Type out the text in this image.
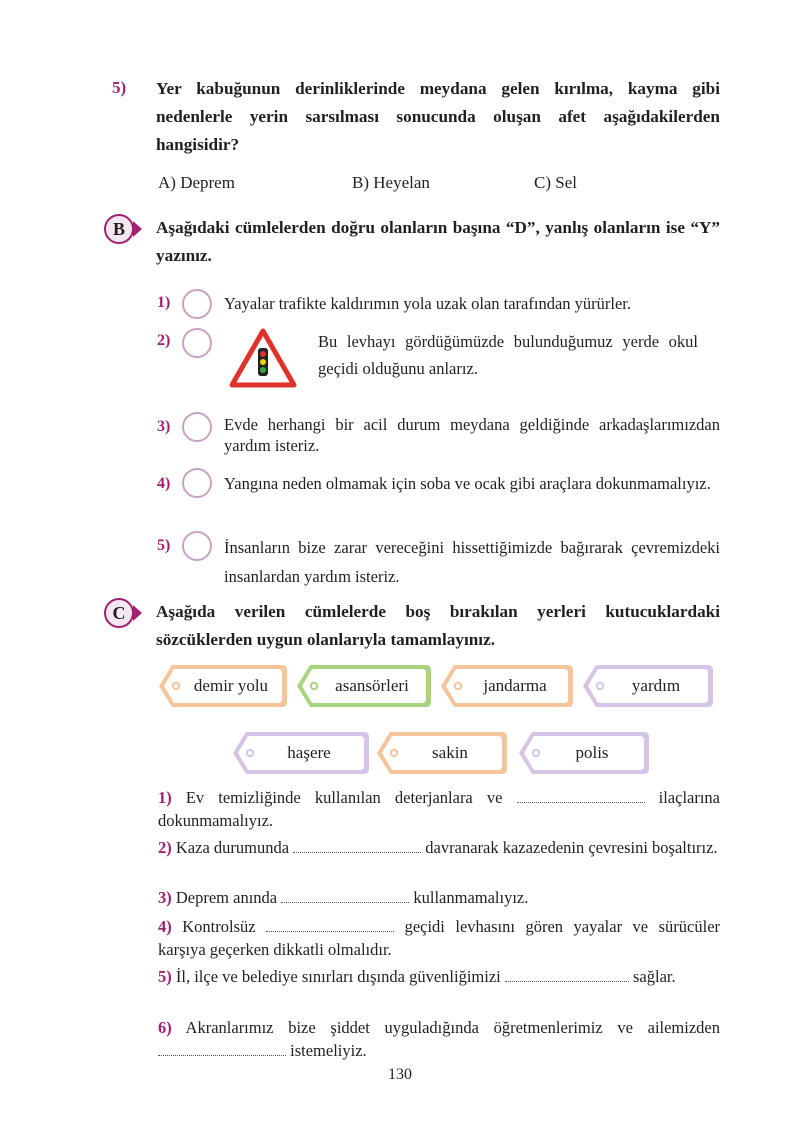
5) Yer kabuğunun derinliklerinde meydana gelen kırılma, kayma gibi nedenlerle yerin sarsılması sonucunda oluşan afet aşağıdakilerden hangisidir?
A) Deprem	B) Heyelan	C) Sel
B	Aşağıdaki cümlelerden doğru olanların başına “D”, yanlış olanların ise “Y” yazınız.
1)	Yayalar trafikte kaldırımın yola uzak olan tarafından yürürler.
2)	Bu levhayı gördüğümüzde bulunduğumuz yerde okul geçidi olduğunu anlarız.
3)	Evde herhangi bir acil durum meydana geldiğinde arkadaşlarımızdan yardım isteriz.
4)	Yangına neden olmamak için soba ve ocak gibi araçlara dokunmamalıyız.
5)	İnsanların bize zarar vereceğini hissettiğimizde bağırarak çevremizdeki insanlardan yardım isteriz.
C	Aşağıda verilen cümlelerde boş bırakılan yerleri kutucuklardaki sözcüklerden uygun olanlarıyla tamamlayınız.
demir yolu	asansörleri	jandarma	yardım
haşere	sakin	polis
1) Ev temizliğinde kullanılan deterjanlara ve	ilaçlarına dokunmamalıyız.
2) Kaza durumunda	davranarak kazazedenin çevresini boşaltırız.
3) Deprem anında	kullanmamalıyız.
4) Kontrolsüz	geçidi levhasını gören yayalar ve sürücüler karşıya geçerken dikkatli olmalıdır.
5) İl, ilçe ve belediye sınırları dışında güvenliğimizi	sağlar.
6) Akranlarımız bize şiddet uyguladığında öğretmenlerimiz ve ailemizden  istemeliyiz.
130
